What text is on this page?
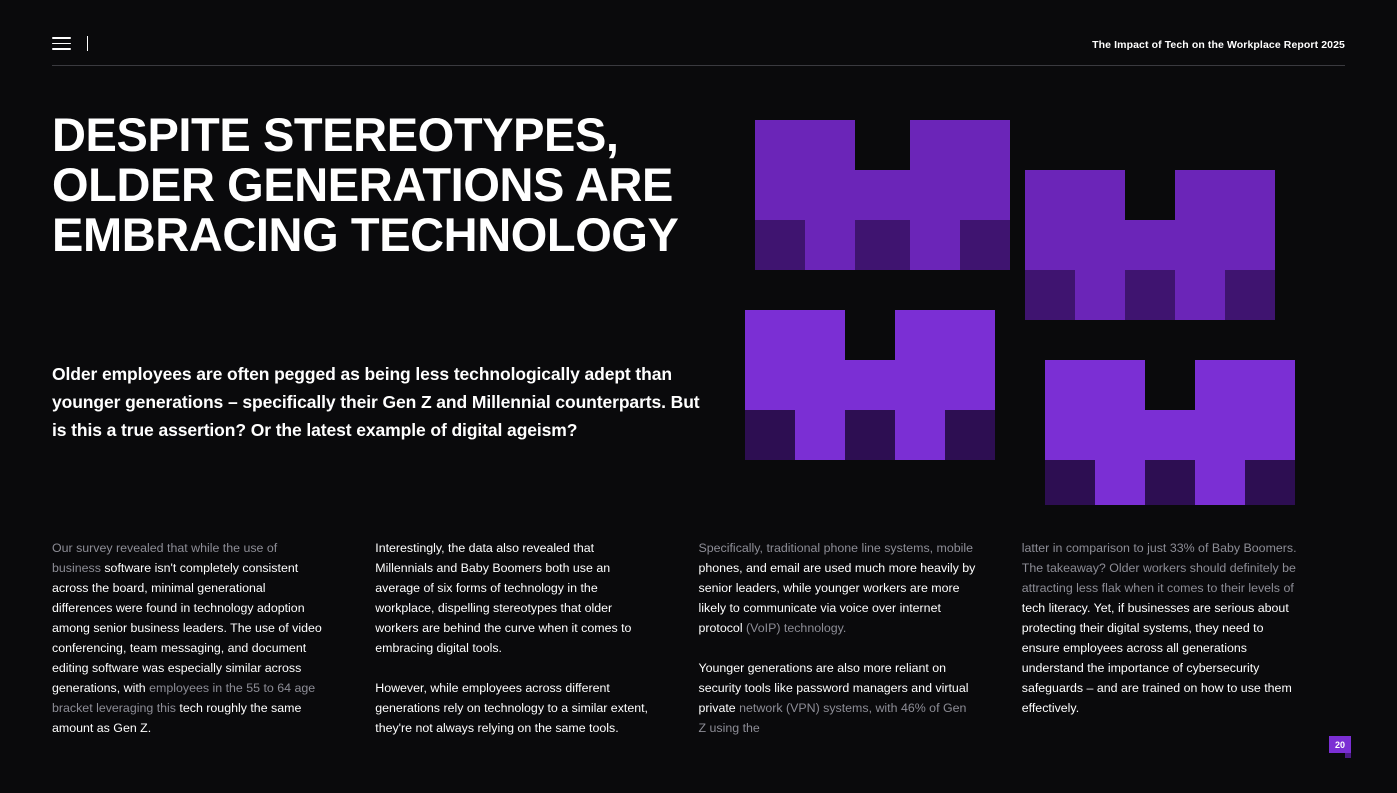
The Impact of Tech on the Workplace Report 2025
DESPITE STEREOTYPES, OLDER GENERATIONS ARE EMBRACING TECHNOLOGY

Older employees are often pegged as being less technologically adept than younger generations – specifically their Gen Z and Millennial counterparts. But is this a true assertion? Or the latest example of digital ageism?

Our survey revealed that while the use of business software isn't completely consistent across the board, minimal generational differences were found in technology adoption among senior business leaders. The use of video conferencing, team messaging, and document editing software was especially similar across generations, with employees in the 55 to 64 age bracket leveraging this tech roughly the same amount as Gen Z.

Interestingly, the data also revealed that Millennials and Baby Boomers both use an average of six forms of technology in the workplace, dispelling stereotypes that older workers are behind the curve when it comes to embracing digital tools.

However, while employees across different generations rely on technology to a similar extent, they're not always relying on the same tools.

Specifically, traditional phone line systems, mobile phones, and email are used much more heavily by senior leaders, while younger workers are more likely to communicate via voice over internet protocol (VoIP) technology.

Younger generations are also more reliant on security tools like password managers and virtual private network (VPN) systems, with 46% of Gen Z using the

latter in comparison to just 33% of Baby Boomers. The takeaway? Older workers should definitely be attracting less flak when it comes to their levels of tech literacy. Yet, if businesses are serious about protecting their digital systems, they need to ensure employees across all generations understand the importance of cybersecurity safeguards – and are trained on how to use them effectively.

20
